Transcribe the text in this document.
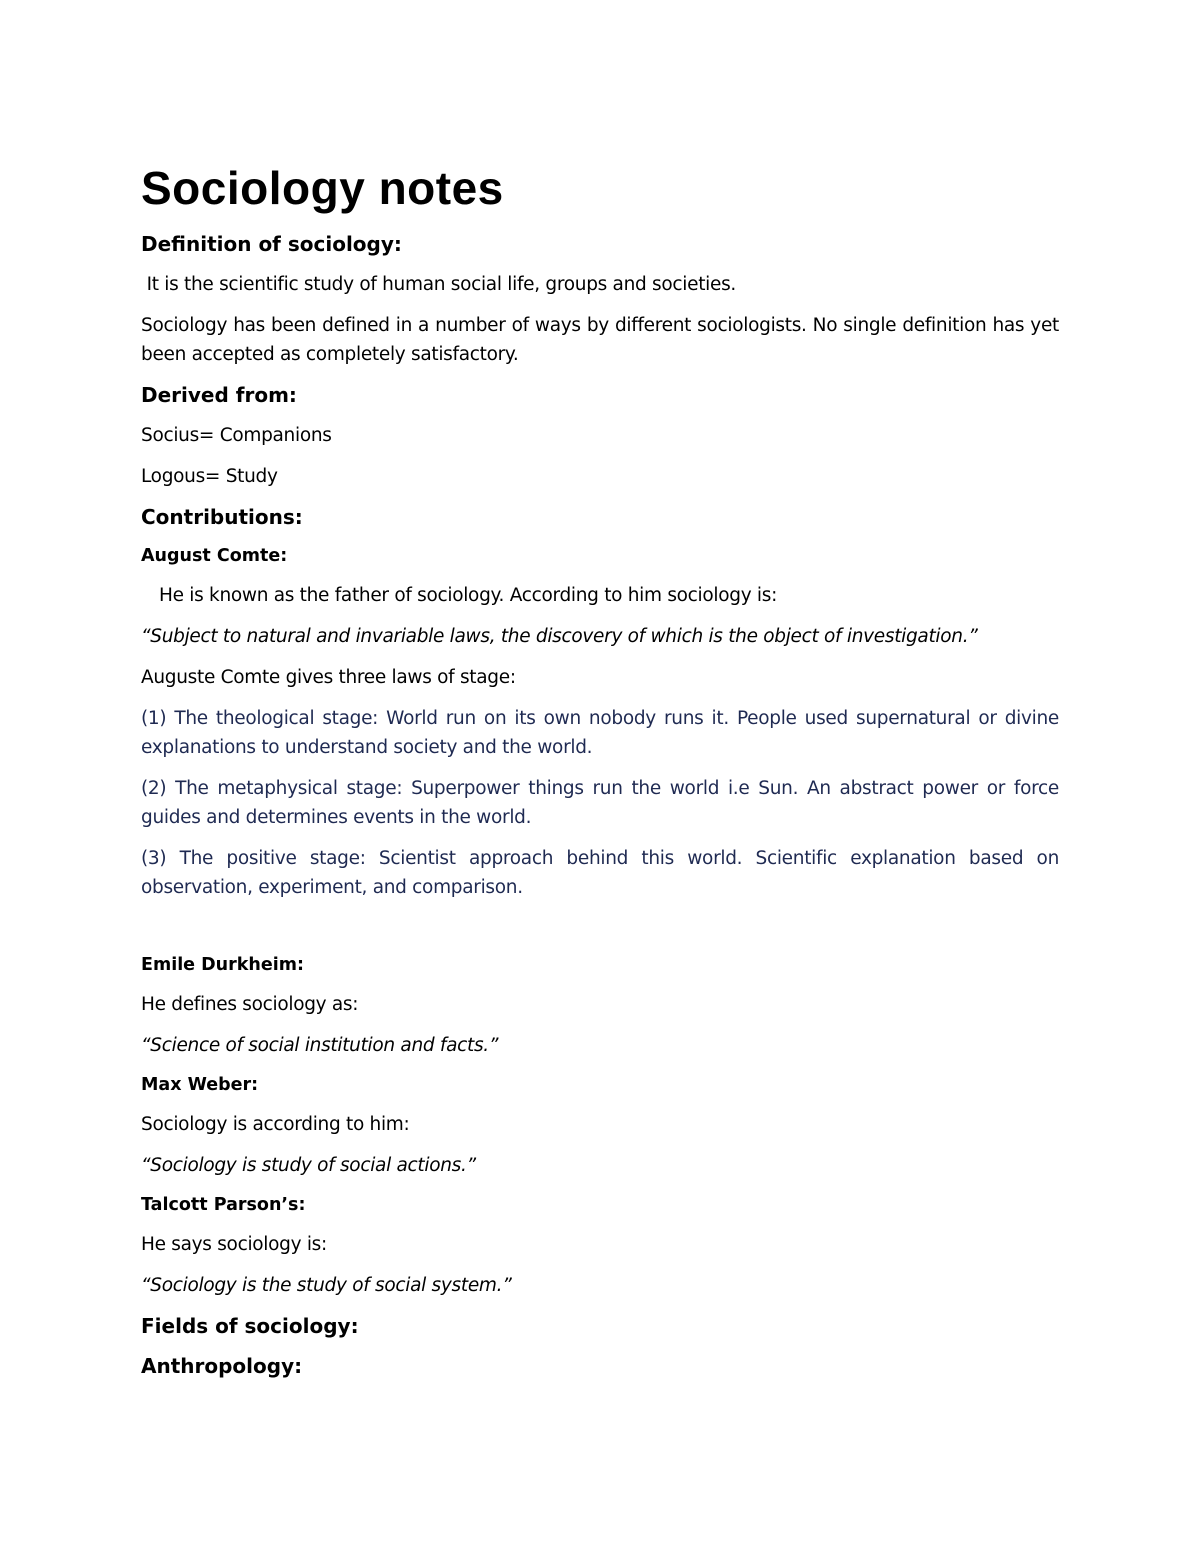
Sociology notes
Definition of sociology:
It is the scientific study of human social life, groups and societies.
Sociology has been defined in a number of ways by different sociologists. No single definition has yet been accepted as completely satisfactory.
Derived from:
Socius= Companions
Logous= Study
Contributions:
August Comte:
He is known as the father of sociology. According to him sociology is:
“Subject to natural and invariable laws, the discovery of which is the object of investigation.”
Auguste Comte gives three laws of stage:
(1) The theological stage: World run on its own nobody runs it. People used supernatural or divine explanations to understand society and the world.
(2) The metaphysical stage: Superpower things run the world i.e Sun. An abstract power or force guides and determines events in the world.
(3) The positive stage: Scientist approach behind this world. Scientific explanation based on observation, experiment, and comparison.
Emile Durkheim:
He defines sociology as:
“Science of social institution and facts.”
Max Weber:
Sociology is according to him:
“Sociology is study of social actions.”
Talcott Parson’s:
He says sociology is:
“Sociology is the study of social system.”
Fields of sociology:
Anthropology:
